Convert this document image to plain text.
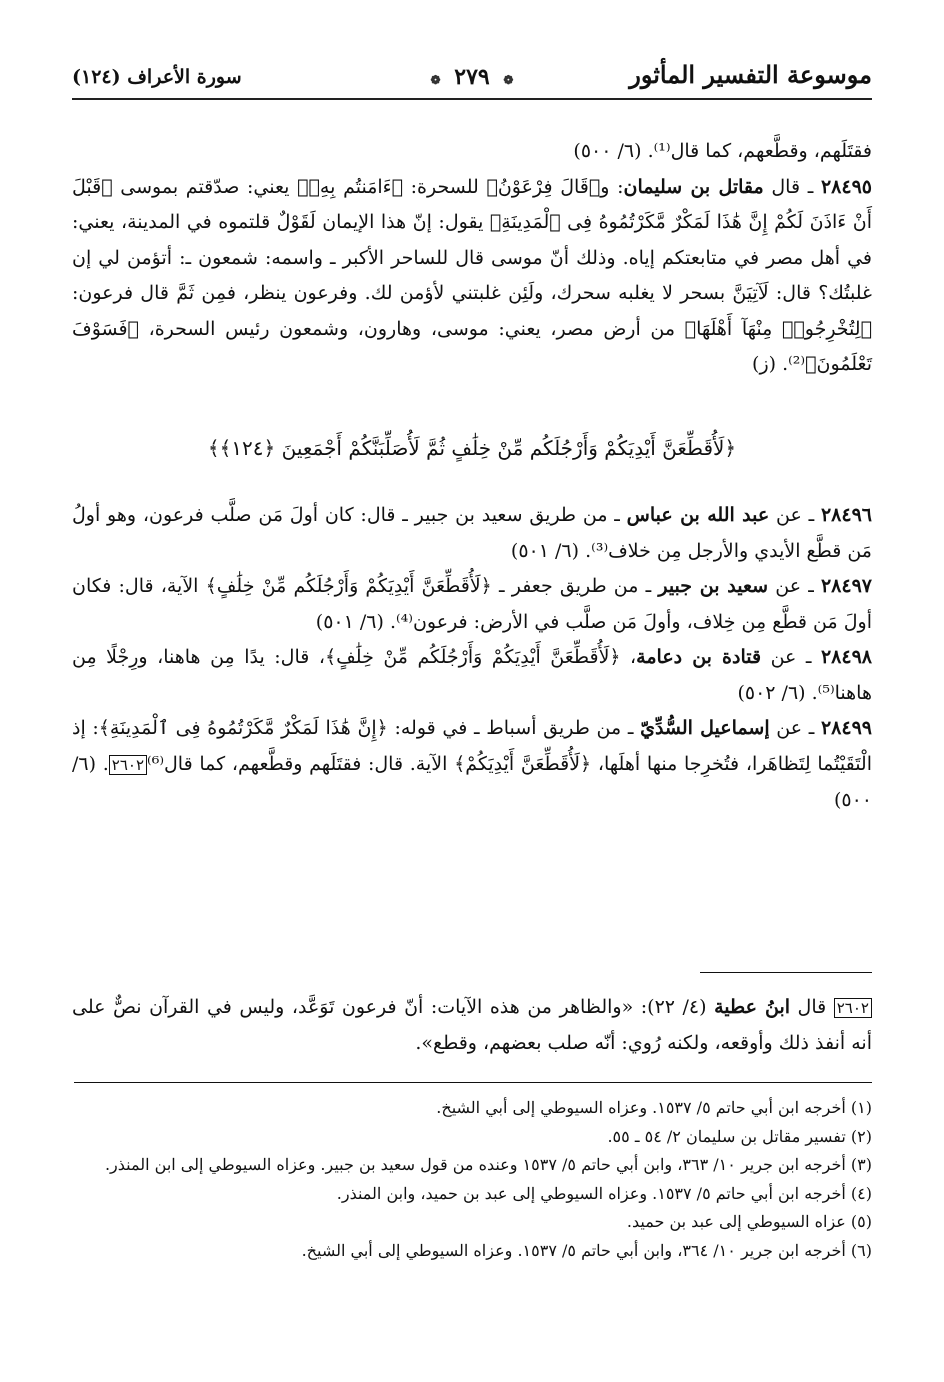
موسوعة التفسير المأثور
❁ ٢٧٩ ❁
سورة الأعراف (١٢٤)

فقتَلَهم، وقطَّعهم، كما قال⁽¹⁾. (٦/ ٥٠٠)

٢٨٤٩٥ ـ قال مقاتل بن سليمان: و﴿قَالَ فِرْعَوْنُ﴾ للسحرة: ﴿ءَامَنتُم بِهِۦ﴾ يعني: صدّقتم بموسى ﴿قَبْلَ أَنْ ءَاذَنَ لَكُمْ إِنَّ هَٰذَا لَمَكْرٌ مَّكَرْتُمُوهُ فِى ٱلْمَدِينَةِ﴾ يقول: إنّ هذا الإيمان لَقَوْلٌ قلتموه في المدينة، يعني: في أهل مصر في متابعتكم إياه. وذلك أنّ موسى قال للساحر الأكبر ـ واسمه: شمعون ـ: أتؤمن لي إن غلبتُك؟ قال: لَآتِيَنَّ بسحر لا يغلبه سحرك، ولَئِن غلبتني لأؤمن لك. وفرعون ينظر، فمِن ثَمَّ قال فرعون: ﴿لِتُخْرِجُوا۟ مِنْهَآ أَهْلَهَا﴾ من أرض مصر، يعني: موسى، وهارون، وشمعون رئيس السحرة، ﴿فَسَوْفَ تَعْلَمُونَ﴾⁽²⁾. (ز)

﴿لَأُقَطِّعَنَّ أَيْدِيَكُمْ وَأَرْجُلَكُم مِّنْ خِلَٰفٍ ثُمَّ لَأُصَلِّبَنَّكُمْ أَجْمَعِينَ ﴿١٢٤﴾﴾

٢٨٤٩٦ ـ عن عبد الله بن عباس ـ من طريق سعيد بن جبير ـ قال: كان أولَ مَن صلَّب فرعون، وهو أولُ مَن قطَّع الأيدي والأرجل مِن خلاف⁽³⁾. (٦/ ٥٠١)

٢٨٤٩٧ ـ عن سعيد بن جبير ـ من طريق جعفر ـ ﴿لَأُقَطِّعَنَّ أَيْدِيَكُمْ وَأَرْجُلَكُم مِّنْ خِلَٰفٍ﴾ الآية، قال: فكان أولَ مَن قطَّع مِن خِلاف، وأولَ مَن صلَّب في الأرض: فرعون⁽⁴⁾. (٦/ ٥٠١)

٢٨٤٩٨ ـ عن قتادة بن دعامة، ﴿لَأُقَطِّعَنَّ أَيْدِيَكُمْ وَأَرْجُلَكُم مِّنْ خِلَٰفٍ﴾، قال: يدًا مِن هاهنا، ورِجْلًا مِن هاهنا⁽⁵⁾. (٦/ ٥٠٢)

٢٨٤٩٩ ـ عن إسماعيل السُّدِّيّ ـ من طريق أسباط ـ في قوله: ﴿إِنَّ هَٰذَا لَمَكْرٌ مَّكَرْتُمُوهُ فِى ٱلْمَدِينَةِ﴾: إذ الْتَقَيْتُما لِتَظاهَرا، فتُخرِجا منها أهلَها، ﴿لَأُقَطِّعَنَّ أَيْدِيَكُمْ﴾ الآية. قال: فقتَلَهم وقطَّعهم، كما قال⁽⁶⁾٢٦٠٢. (٦/ ٥٠٠)

٢٦٠٢ قال ابنُ عطية (٤/ ٢٢): «والظاهر من هذه الآيات: أنّ فرعون تَوَعَّد، وليس في القرآن نصٌّ على أنه أنفذ ذلك وأوقعه، ولكنه رُوي: أنّه صلب بعضهم، وقطع».

(١) أخرجه ابن أبي حاتم ٥/ ١٥٣٧. وعزاه السيوطي إلى أبي الشيخ.

(٢) تفسير مقاتل بن سليمان ٢/ ٥٤ ـ ٥٥.

(٣) أخرجه ابن جرير ١٠/ ٣٦٣، وابن أبي حاتم ٥/ ١٥٣٧ وعنده من قول سعيد بن جبير. وعزاه السيوطي إلى ابن المنذر.

(٤) أخرجه ابن أبي حاتم ٥/ ١٥٣٧. وعزاه السيوطي إلى عبد بن حميد، وابن المنذر.

(٥) عزاه السيوطي إلى عبد بن حميد.

(٦) أخرجه ابن جرير ١٠/ ٣٦٤، وابن أبي حاتم ٥/ ١٥٣٧. وعزاه السيوطي إلى أبي الشيخ.
